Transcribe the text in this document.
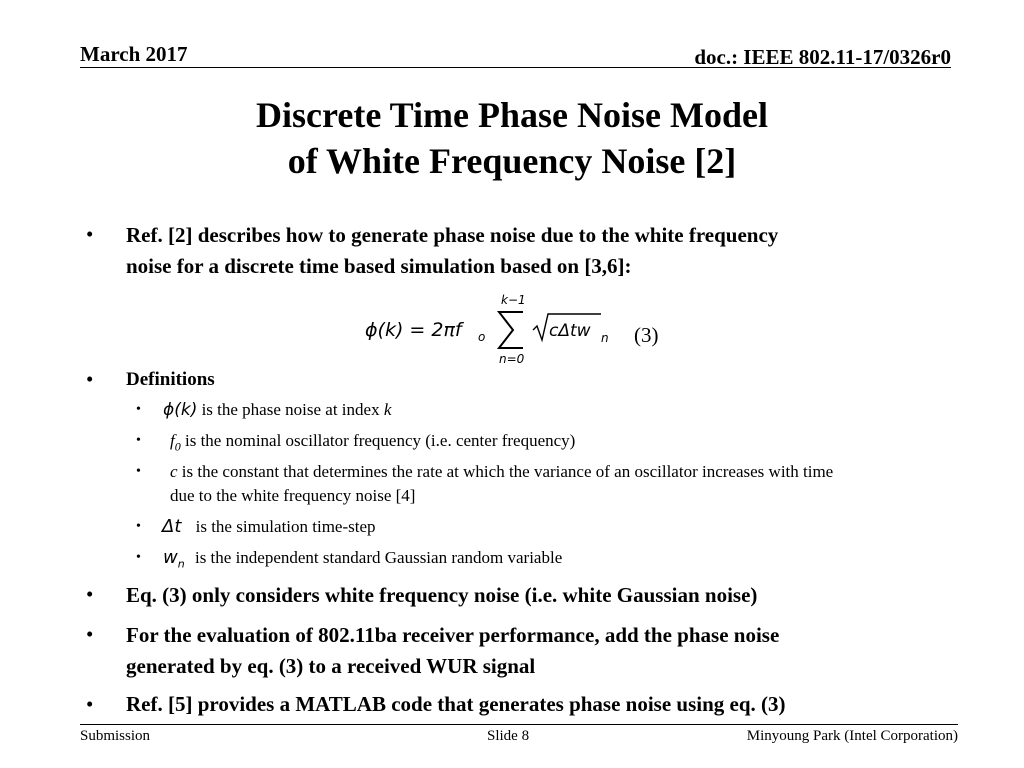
March 2017	doc.: IEEE 802.11-17/0326r0
Discrete Time Phase Noise Model
of White Frequency Noise [2]
• Ref. [2] describes how to generate phase noise due to the white frequency
noise for a discrete time based simulation based on [3,6]:
ϕ(k) = 2πf o
k−1
n=0
cΔtw n (3)
• Definitions
• ϕ(k) is the phase noise at index k
• $f_0$ is the nominal oscillator frequency (i.e. center frequency)
• c is the constant that determines the rate at which the variance of an oscillator increases with time
due to the white frequency noise [4]
• Δt is the simulation time-step
• $w_n$ is the independent standard Gaussian random variable
• Eq. (3) only considers white frequency noise (i.e. white Gaussian noise)
• For the evaluation of 802.11ba receiver performance, add the phase noise
generated by eq. (3) to a received WUR signal
• Ref. [5] provides a MATLAB code that generates phase noise using eq. (3)
Submission	Slide 8	Minyoung Park (Intel Corporation)
